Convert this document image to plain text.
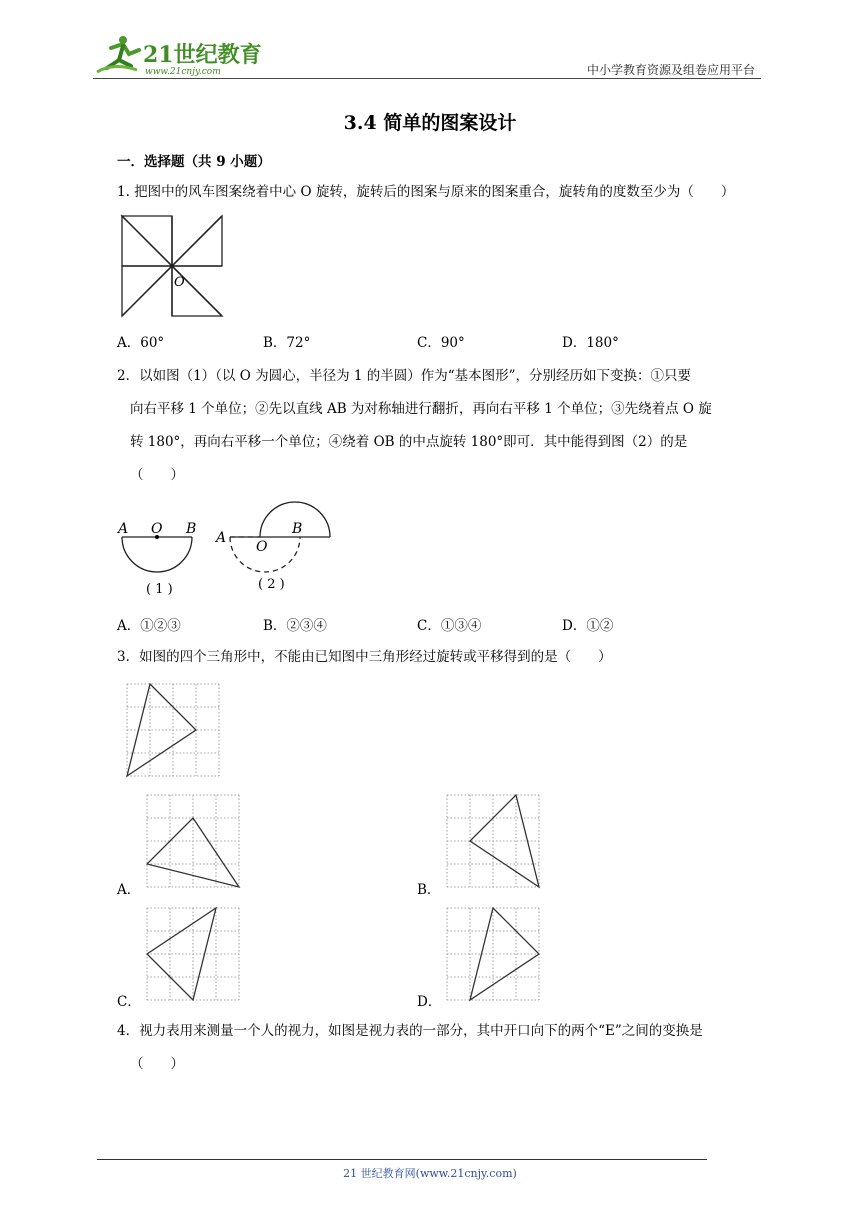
21世纪教育
www.21cnjy.com	中小学教育资源及组卷应用平台
3.4 简单的图案设计
一．选择题（共 9 小题）
1. 把图中的风车图案绕着中心 O 旋转，旋转后的图案与原来的图案重合，旋转角的度数至少为（　　）
O
A．60°	B．72°	C．90°	D．180°
2．以如图（1）（以 O 为圆心，半径为 1 的半圆）作为“基本图形”，分别经历如下变换：①只要
向右平移 1 个单位；②先以直线 AB 为对称轴进行翻折，再向右平移 1 个单位；③先绕着点 O 旋
转 180°，再向右平移一个单位；④绕着 OB 的中点旋转 180°即可．其中能得到图（2）的是
（　　）
A O B
( 1 )
A
O
B
( 2 )
A．①②③	B．②③④	C．①③④	D．①②
3．如图的四个三角形中，不能由已知图中三角形经过旋转或平移得到的是（　　）
A．	B．
C．	D．
4．视力表用来测量一个人的视力，如图是视力表的一部分，其中开口向下的两个“E”之间的变换是
（　　）
21 世纪教育网(www.21cnjy.com)
